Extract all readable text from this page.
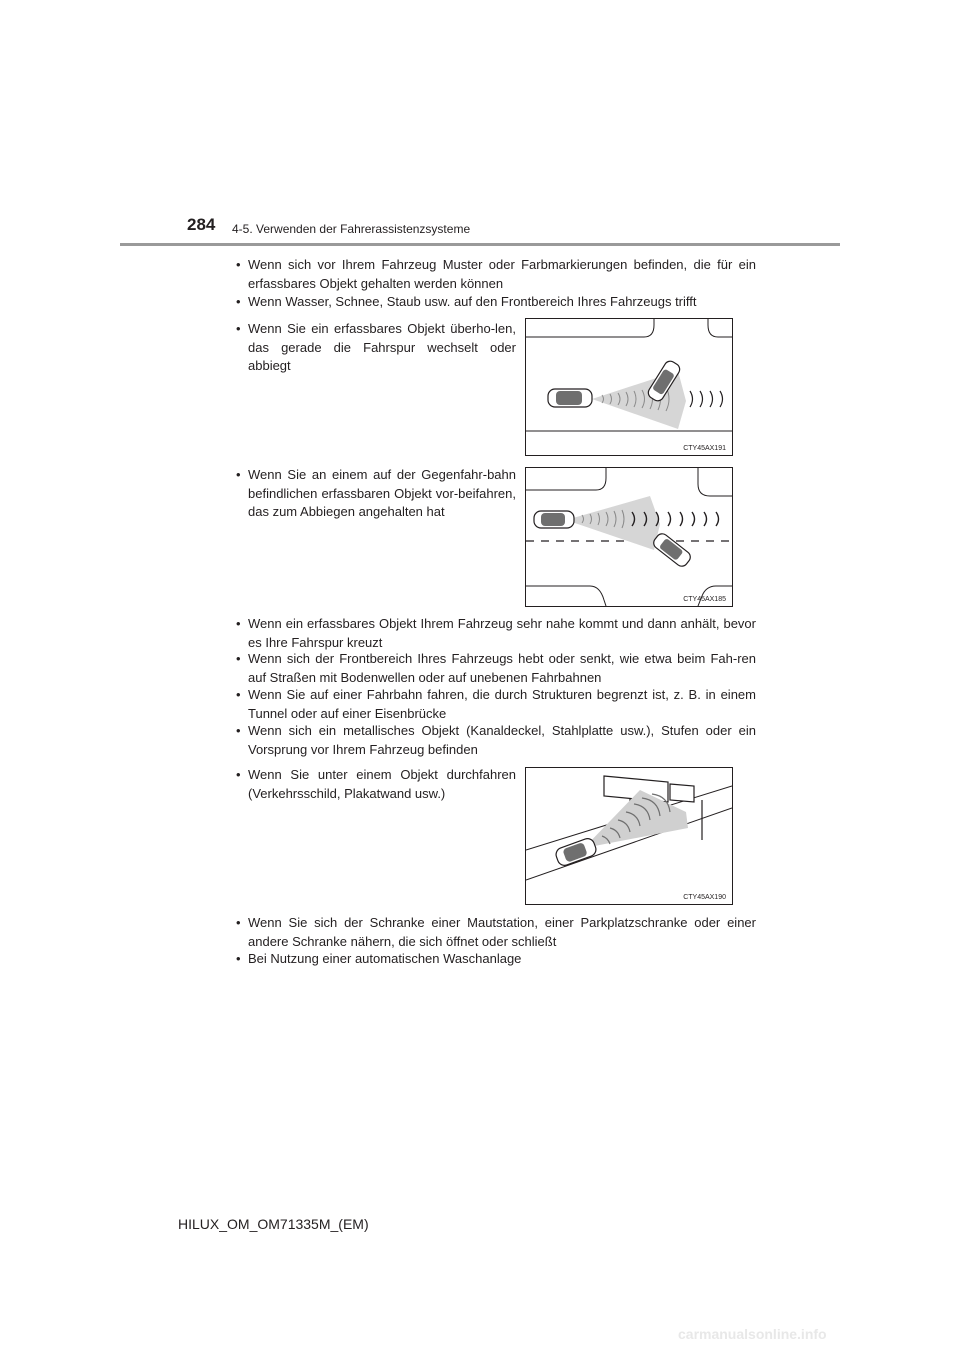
284 4-5. Verwenden der Fahrerassistenzsysteme
• Wenn sich vor Ihrem Fahrzeug Muster oder Farbmarkierungen befinden, die für ein erfassbares Objekt gehalten werden können
• Wenn Wasser, Schnee, Staub usw. auf den Frontbereich Ihres Fahrzeugs trifft
• Wenn Sie ein erfassbares Objekt überho-len, das gerade die Fahrspur wechselt oder abbiegt
CTY45AX191
• Wenn Sie an einem auf der Gegenfahr-bahn befindlichen erfassbaren Objekt vor-beifahren, das zum Abbiegen angehalten hat
CTY45AX185
• Wenn ein erfassbares Objekt Ihrem Fahrzeug sehr nahe kommt und dann anhält, bevor es Ihre Fahrspur kreuzt
• Wenn sich der Frontbereich Ihres Fahrzeugs hebt oder senkt, wie etwa beim Fah-ren auf Straßen mit Bodenwellen oder auf unebenen Fahrbahnen
• Wenn Sie auf einer Fahrbahn fahren, die durch Strukturen begrenzt ist, z. B. in einem Tunnel oder auf einer Eisenbrücke
• Wenn sich ein metallisches Objekt (Kanaldeckel, Stahlplatte usw.), Stufen oder ein Vorsprung vor Ihrem Fahrzeug befinden
• Wenn Sie unter einem Objekt durchfahren (Verkehrsschild, Plakatwand usw.)
CTY45AX190
• Wenn Sie sich der Schranke einer Mautstation, einer Parkplatzschranke oder einer andere Schranke nähern, die sich öffnet oder schließt
• Bei Nutzung einer automatischen Waschanlage
HILUX_OM_OM71335M_(EM)
carmanualsonline.info
